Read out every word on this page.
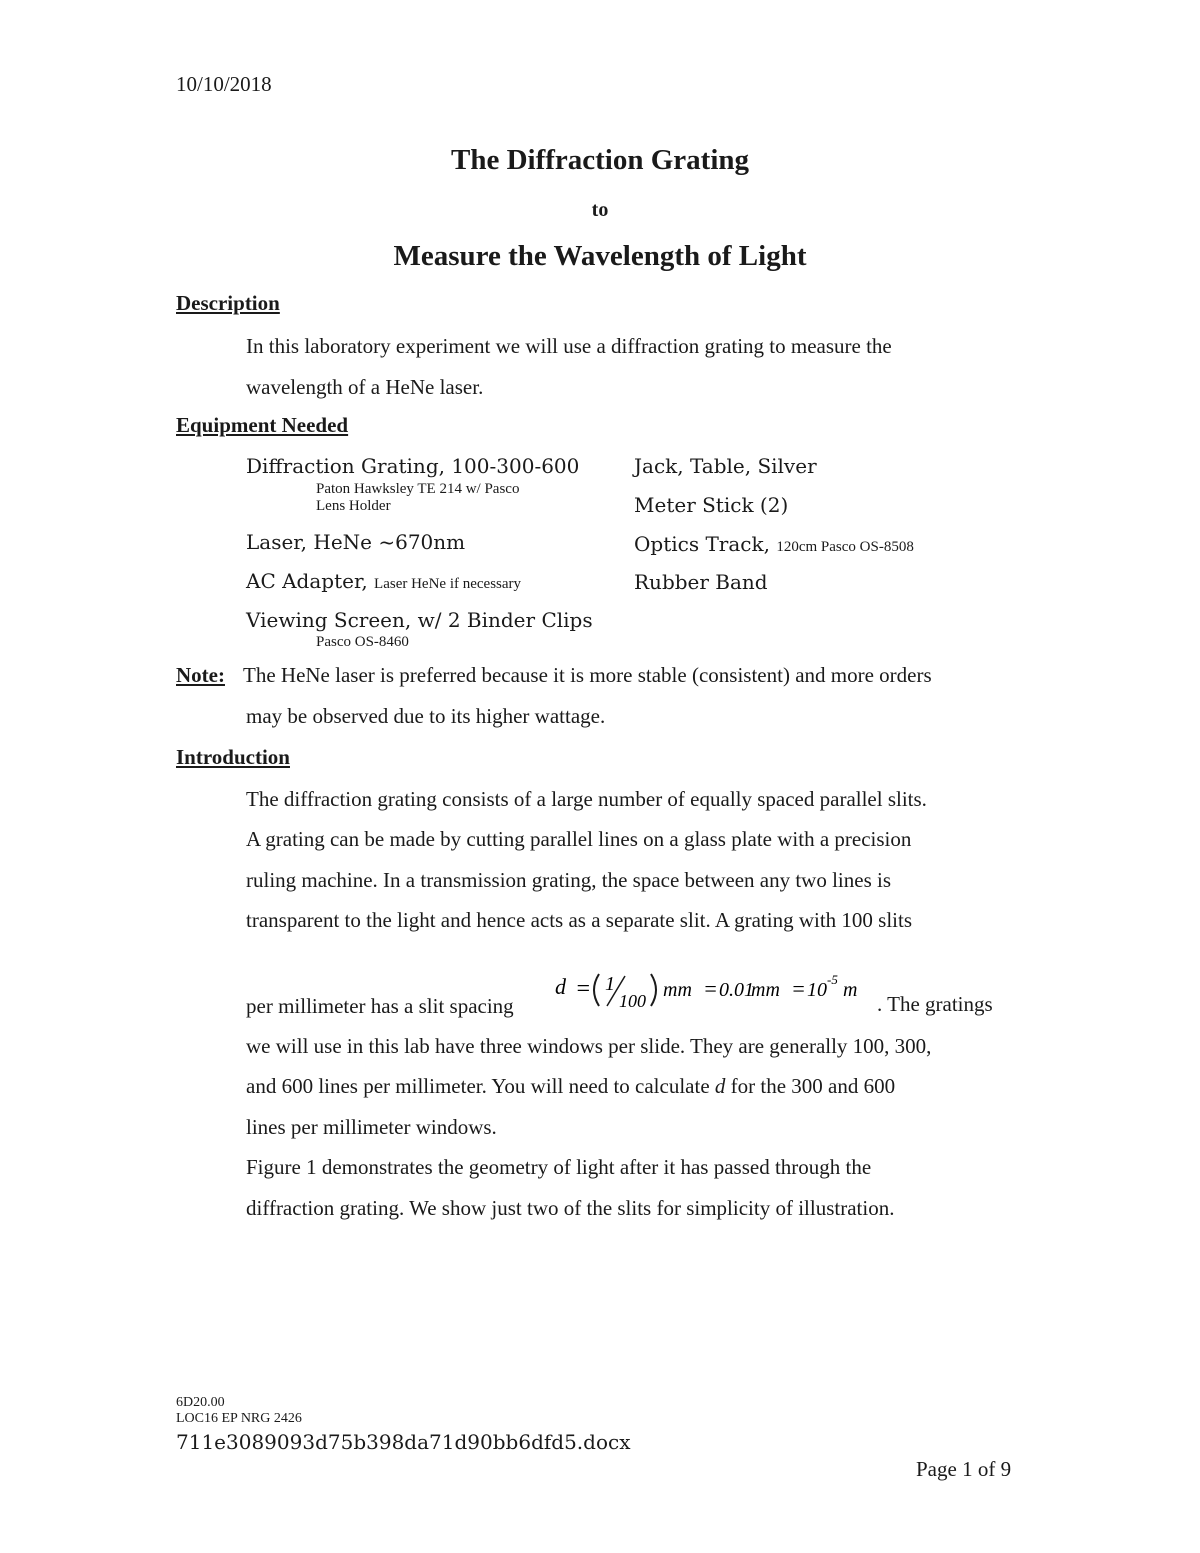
10/10/2018
The Diffraction Grating
to
Measure the Wavelength of Light
Description
In this laboratory experiment we will use a diffraction grating to measure the
wavelength of a HeNe laser.
Equipment Needed
Diffraction Grating, 100-300-600
Paton Hawksley TE 214 w/ Pasco
Lens Holder
Laser, HeNe ~670nm
AC Adapter, Laser HeNe if necessary
Viewing Screen, w/ 2 Binder Clips
Pasco OS-8460
Jack, Table, Silver
Meter Stick (2)
Optics Track, 120cm Pasco OS-8508
Rubber Band
Note: The HeNe laser is preferred because it is more stable (consistent) and more orders
may be observed due to its higher wattage.
Introduction
The diffraction grating consists of a large number of equally spaced parallel slits.
A grating can be made by cutting parallel lines on a glass plate with a precision
ruling machine. In a transmission grating, the space between any two lines is
transparent to the light and hence acts as a separate slit. A grating with 100 slits
per millimeter has a slit spacing
d = 1
100 mm = 0.01
mm = 10 -5 m
. The gratings
we will use in this lab have three windows per slide. They are generally 100, 300,
and 600 lines per millimeter. You will need to calculate d for the 300 and 600
lines per millimeter windows.
Figure 1 demonstrates the geometry of light after it has passed through the
diffraction grating. We show just two of the slits for simplicity of illustration.
6D20.00
LOC16 EP NRG 2426
711e3089093d75b398da71d90bb6dfd5.docx
Page 1 of 9
